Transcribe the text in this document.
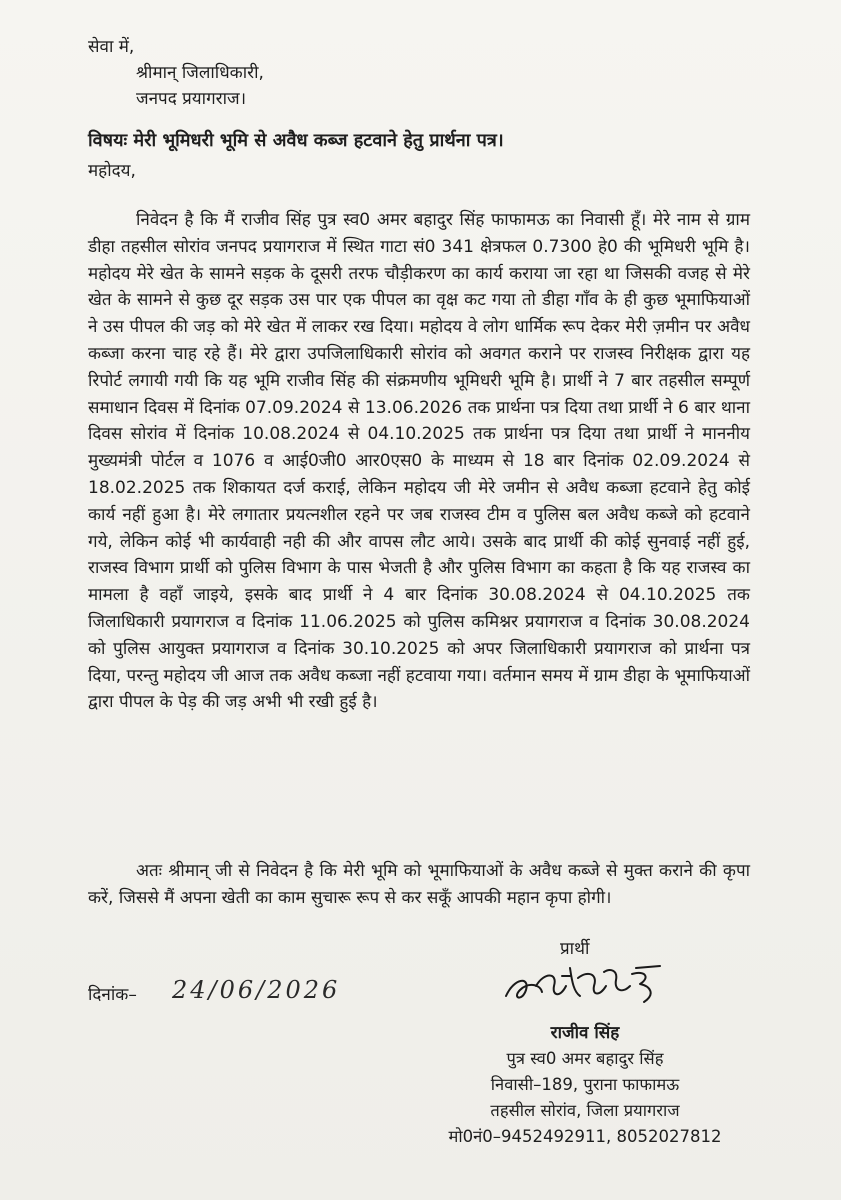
सेवा में,
श्रीमान् जिलाधिकारी,
जनपद प्रयागराज।
विषयः मेरी भूमिधरी भूमि से अवैध कब्ज हटवाने हेतु प्रार्थना पत्र।
महोदय,
निवेदन है कि मैं राजीव सिंह पुत्र स्व0 अमर बहादुर सिंह फाफामऊ का निवासी हूँ। मेरे नाम से ग्राम डीहा तहसील सोरांव जनपद प्रयागराज में स्थित गाटा सं0 341 क्षेत्रफल 0.7300 हे0 की भूमिधरी भूमि है। महोदय मेरे खेत के सामने सड़क के दूसरी तरफ चौड़ीकरण का कार्य कराया जा रहा था जिसकी वजह से मेरे खेत के सामने से कुछ दूर सड़क उस पार एक पीपल का वृक्ष कट गया तो डीहा गाँव के ही कुछ भूमाफियाओं ने उस पीपल की जड़ को मेरे खेत में लाकर रख दिया। महोदय वे लोग धार्मिक रूप देकर मेरी ज़मीन पर अवैध कब्जा करना चाह रहे हैं। मेरे द्वारा उपजिलाधिकारी सोरांव को अवगत कराने पर राजस्व निरीक्षक द्वारा यह रिपोर्ट लगायी गयी कि यह भूमि राजीव सिंह की संक्रमणीय भूमिधरी भूमि है। प्रार्थी ने 7 बार तहसील सम्पूर्ण समाधान दिवस में दिनांक 07.09.2024 से 13.06.2026 तक प्रार्थना पत्र दिया तथा प्रार्थी ने 6 बार थाना दिवस सोरांव में दिनांक 10.08.2024 से 04.10.2025 तक प्रार्थना पत्र दिया तथा प्रार्थी ने माननीय मुख्यमंत्री पोर्टल व 1076 व आई0जी0 आर0एस0 के माध्यम से 18 बार दिनांक 02.09.2024 से 18.02.2025 तक शिकायत दर्ज कराई, लेकिन महोदय जी मेरे जमीन से अवैध कब्जा हटवाने हेतु कोई कार्य नहीं हुआ है। मेरे लगातार प्रयत्नशील रहने पर जब राजस्व टीम व पुलिस बल अवैध कब्जे को हटवाने गये, लेकिन कोई भी कार्यवाही नही की और वापस लौट आये। उसके बाद प्रार्थी की कोई सुनवाई नहीं हुई, राजस्व विभाग प्रार्थी को पुलिस विभाग के पास भेजती है और पुलिस विभाग का कहता है कि यह राजस्व का मामला है वहाँ जाइये, इसके बाद प्रार्थी ने 4 बार दिनांक 30.08.2024 से 04.10.2025 तक जिलाधिकारी प्रयागराज व दिनांक 11.06.2025 को पुलिस कमिश्नर प्रयागराज व दिनांक 30.08.2024 को पुलिस आयुक्त प्रयागराज व दिनांक 30.10.2025 को अपर जिलाधिकारी प्रयागराज को प्रार्थना पत्र दिया, परन्तु महोदय जी आज तक अवैध कब्जा नहीं हटवाया गया। वर्तमान समय में ग्राम डीहा के भूमाफियाओं द्वारा पीपल के पेड़ की जड़ अभी भी रखी हुई है।
अतः श्रीमान् जी से निवेदन है कि मेरी भूमि को भूमाफियाओं के अवैध कब्जे से मुक्त कराने की कृपा करें, जिससे मैं अपना खेती का काम सुचारू रूप से कर सकूँ आपकी महान कृपा होगी।
प्रार्थी
दिनांक– 24/06/2026
राजीव सिंह
पुत्र स्व0 अमर बहादुर सिंह
निवासी–189, पुराना फाफामऊ
तहसील सोरांव, जिला प्रयागराज
मो0नं0–9452492911, 8052027812
